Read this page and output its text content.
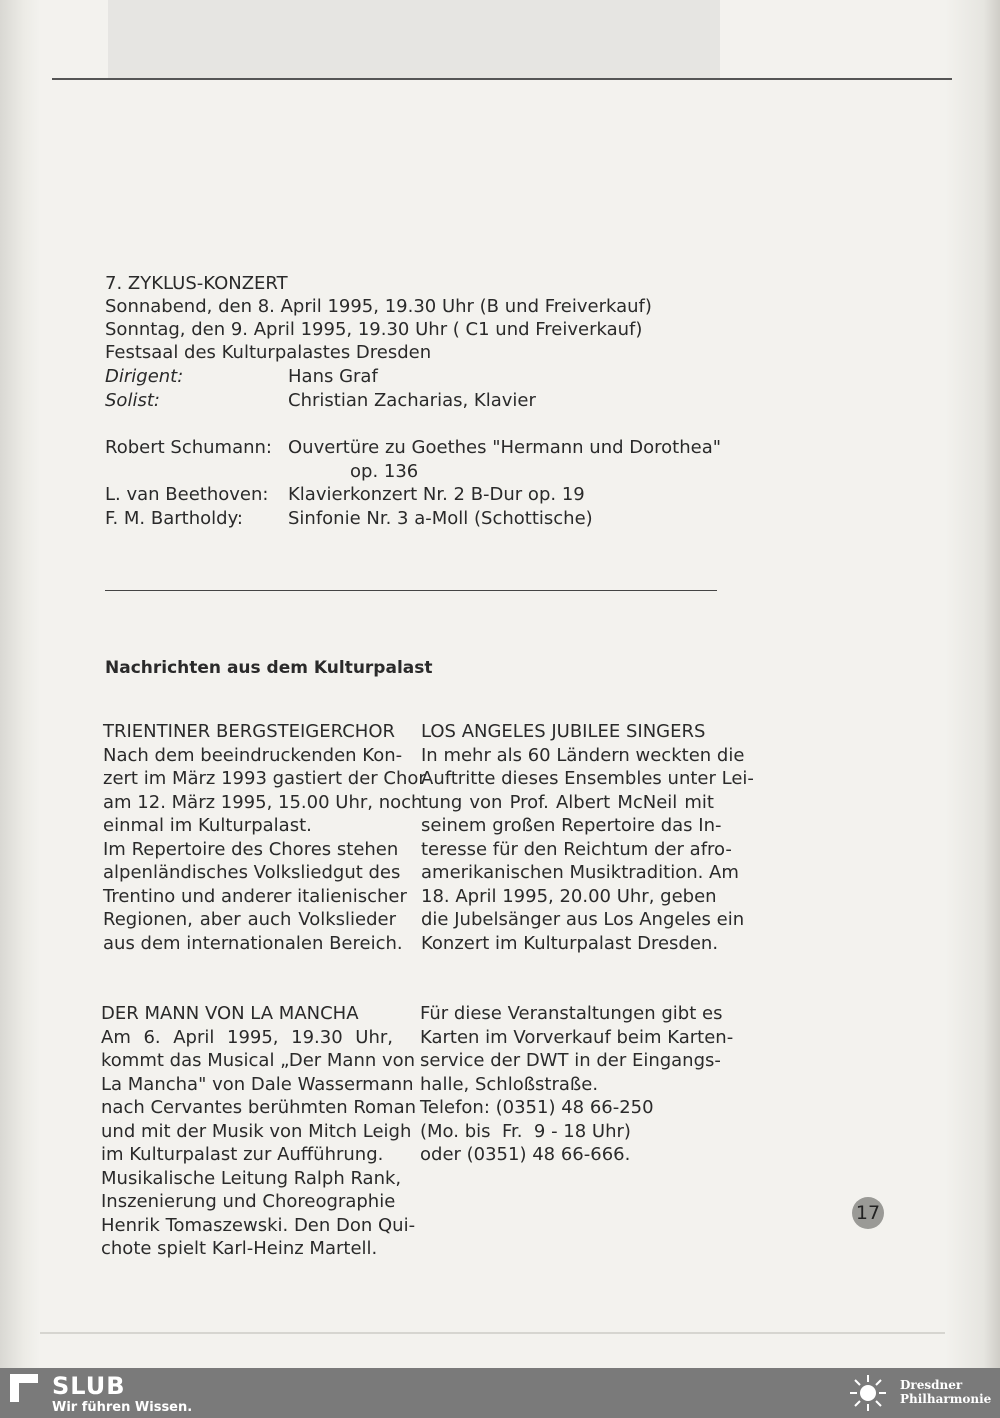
7. ZYKLUS-KONZERT
Sonnabend, den 8. April 1995, 19.30 Uhr (B und Freiverkauf)
Sonntag, den 9. April 1995, 19.30 Uhr ( C1 und Freiverkauf)
Festsaal des Kulturpalastes Dresden
Dirigent:	Hans Graf
Solist:	Christian Zacharias, Klavier
Robert Schumann: Ouvertüre zu Goethes "Hermann und Dorothea"
op. 136
L. van Beethoven: Klavierkonzert Nr. 2 B-Dur op. 19
F. M. Bartholdy:	Sinfonie Nr. 3 a-Moll (Schottische)
Nachrichten aus dem Kulturpalast
TRIENTINER BERGSTEIGERCHOR
Nach dem beeindruckenden Kon-
zert im März 1993 gastiert der Chor
am 12. März 1995, 15.00 Uhr, noch
einmal im Kulturpalast.
Im Repertoire des Chores stehen
alpenländisches Volksliedgut des
Trentino und anderer italienischer
Regionen, aber auch Volkslieder
aus dem internationalen Bereich.
LOS ANGELES JUBILEE SINGERS
In mehr als 60 Ländern weckten die
Auftritte dieses Ensembles unter Lei-
tung von Prof. Albert McNeil mit
seinem großen Repertoire das In-
teresse für den Reichtum der afro-
amerikanischen Musiktradition. Am
18. April 1995, 20.00 Uhr, geben
die Jubelsänger aus Los Angeles ein
Konzert im Kulturpalast Dresden.
DER MANN VON LA MANCHA
Am 6. April 1995, 19.30 Uhr,
kommt das Musical „Der Mann von
La Mancha" von Dale Wassermann
nach Cervantes berühmten Roman
und mit der Musik von Mitch Leigh
im Kulturpalast zur Aufführung.
Musikalische Leitung Ralph Rank,
Inszenierung und Choreographie
Henrik Tomaszewski. Den Don Qui-
chote spielt Karl-Heinz Martell.
Für diese Veranstaltungen gibt es
Karten im Vorverkauf beim Karten-
service der DWT in der Eingangs-
halle, Schloßstraße.
Telefon: (0351) 48 66-250
(Mo. bis  Fr.  9 - 18 Uhr)
oder (0351) 48 66-666.
17
SLUB
Wir führen Wissen.
Dresdner
Philharmonie
